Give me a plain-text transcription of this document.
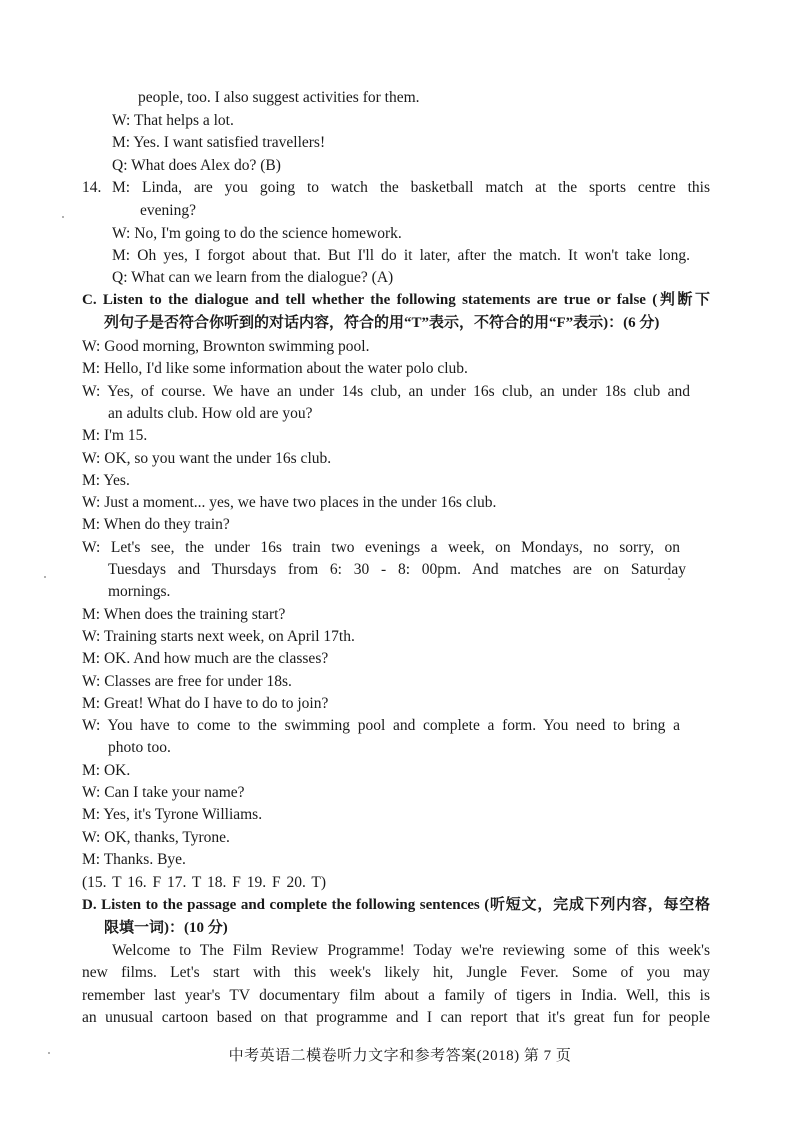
people, too. I also suggest activities for them.
W: That helps a lot.
M: Yes. I want satisfied travellers!
Q: What does Alex do? (B)
14. M: Linda, are you going to watch the basketball match at the sports centre this
evening?
W: No, I'm going to do the science homework.
M: Oh yes, I forgot about that. But I'll do it later, after the match. It won't take long.
Q: What can we learn from the dialogue? (A)
C. Listen to the dialogue and tell whether the following statements are true or false (判断下
列句子是否符合你听到的对话内容，符合的用“T”表示，不符合的用“F”表示)：(6 分)
W: Good morning, Brownton swimming pool.
M: Hello, I'd like some information about the water polo club.
W: Yes, of course. We have an under 14s club, an under 16s club, an under 18s club and
an adults club. How old are you?
M: I'm 15.
W: OK, so you want the under 16s club.
M: Yes.
W: Just a moment... yes, we have two places in the under 16s club.
M: When do they train?
W: Let's see, the under 16s train two evenings a week, on Mondays, no sorry, on
Tuesdays and Thursdays from 6: 30 - 8: 00pm. And matches are on Saturday
mornings.
M: When does the training start?
W: Training starts next week, on April 17th.
M: OK. And how much are the classes?
W: Classes are free for under 18s.
M: Great! What do I have to do to join?
W: You have to come to the swimming pool and complete a form. You need to bring a
photo too.
M: OK.
W: Can I take your name?
M: Yes, it's Tyrone Williams.
W: OK, thanks, Tyrone.
M: Thanks. Bye.
(15. T 16. F 17. T 18. F 19. F 20. T)
D. Listen to the passage and complete the following sentences (听短文，完成下列内容，每空格
限填一词)：(10 分)
Welcome to The Film Review Programme! Today we're reviewing some of this week's
new films. Let's start with this week's likely hit, Jungle Fever. Some of you may
remember last year's TV documentary film about a family of tigers in India. Well, this is
an unusual cartoon based on that programme and I can report that it's great fun for people
中考英语二模卷听力文字和参考答案(2018) 第 7 页
